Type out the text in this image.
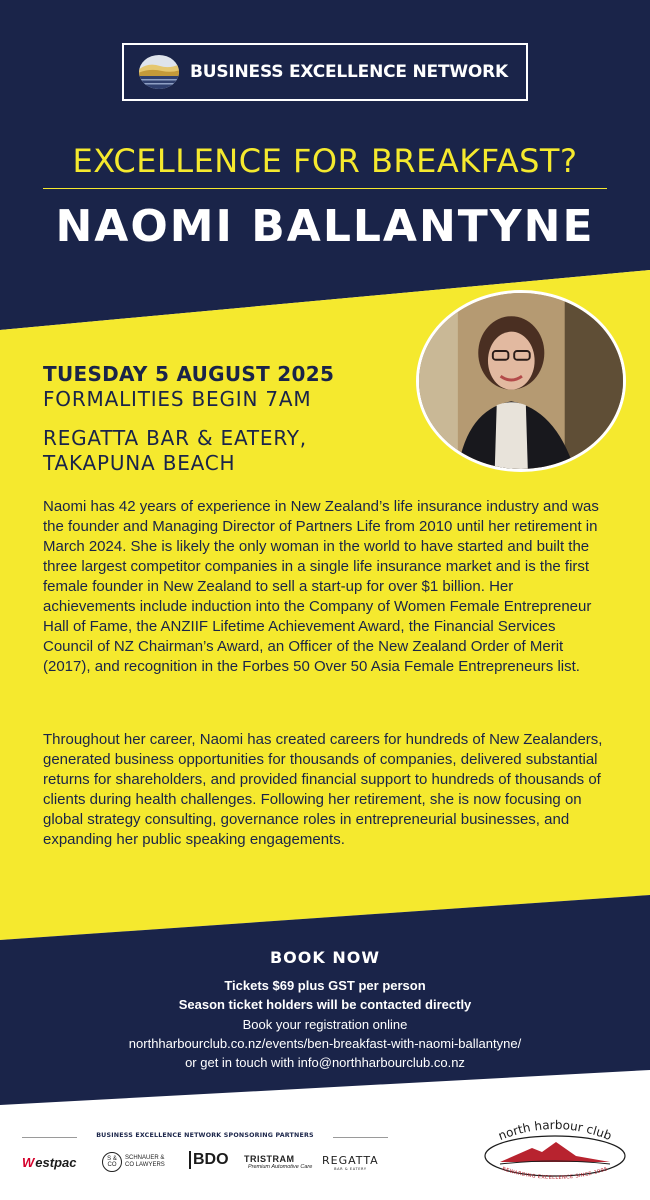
BUSINESS EXCELLENCE NETWORK
EXCELLENCE FOR BREAKFAST?
NAOMI BALLANTYNE
TUESDAY 5 AUGUST 2025
FORMALITIES BEGIN 7AM
REGATTA BAR & EATERY,
TAKAPUNA BEACH

Naomi has 42 years of experience in New Zealand’s life insurance industry and was the founder and Managing Director of Partners Life from 2010 until her retirement in March 2024. She is likely the only woman in the world to have started and built the three largest competitor companies in a single life insurance market and is the first female founder in New Zealand to sell a start-up for over $1 billion. Her achievements include induction into the Company of Women Female Entrepreneur Hall of Fame, the ANZIIF Lifetime Achievement Award, the Financial Services Council of NZ Chairman’s Award, an Officer of the New Zealand Order of Merit (2017), and recognition in the Forbes 50 Over 50 Asia Female Entrepreneurs list.

Throughout her career, Naomi has created careers for hundreds of New Zealanders, generated business opportunities for thousands of companies, delivered substantial returns for shareholders, and provided financial support to hundreds of thousands of clients during health challenges. Following her retirement, she is now focusing on global strategy consulting, governance roles in entrepreneurial businesses, and expanding her public speaking engagements.

BOOK NOW
Tickets $69 plus GST per person
Season ticket holders will be contacted directly
Book your registration online
northharbourclub.co.nz/events/ben-breakfast-with-naomi-ballantyne/
or get in touch with info@northharbourclub.co.nz
BUSINESS EXCELLENCE NETWORK SPONSORING PARTNERS
W estpac	S & CO
SCHNAUER & CO LAWYERS	BDO TRISTRAM
Premium Automotive Care
REGATTA
BAR & EATERY
north harbour club
REWARDING EXCELLENCE SINCE 1995
